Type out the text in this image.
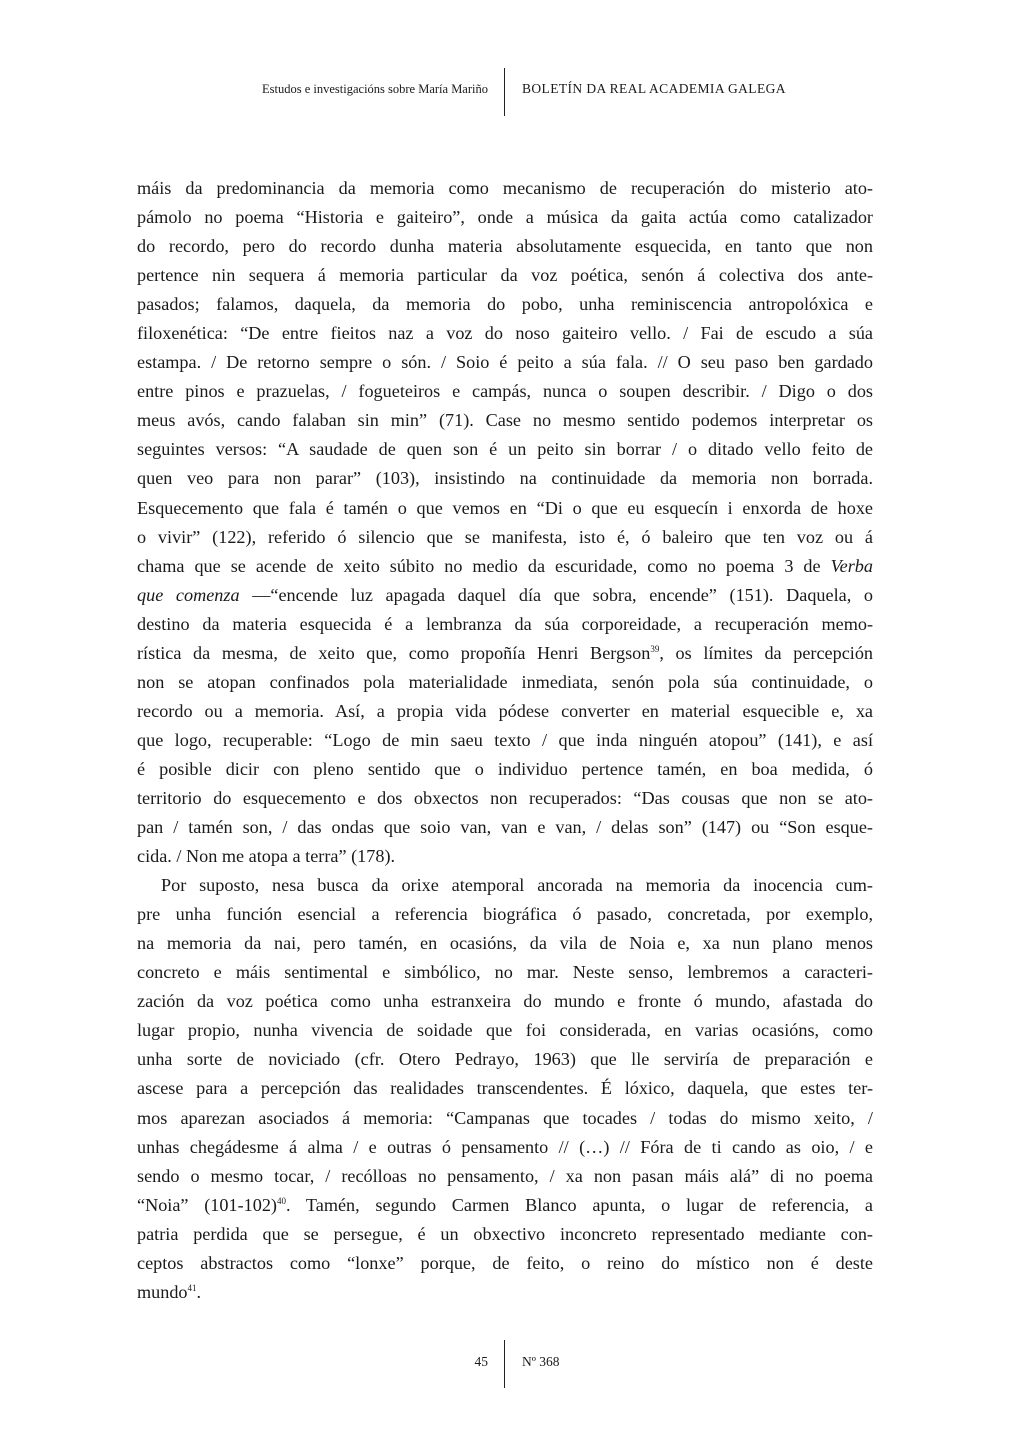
Estudos e investigacións sobre María Mariño	BOLETÍN DA REAL ACADEMIA GALEGA

máis da predominancia da memoria como mecanismo de recuperación do misterio ato-
pámolo no poema “Historia e gaiteiro”, onde a música da gaita actúa como catalizador
do recordo, pero do recordo dunha materia absolutamente esquecida, en tanto que non
pertence nin sequera á memoria particular da voz poética, senón á colectiva dos ante-
pasados; falamos, daquela, da memoria do pobo, unha reminiscencia antropolóxica e
filoxenética: “De entre fieitos naz a voz do noso gaiteiro vello. / Fai de escudo a súa
estampa. / De retorno sempre o són. / Soio é peito a súa fala. // O seu paso ben gardado
entre pinos e prazuelas, / fogueteiros e campás, nunca o soupen describir. / Digo o dos
meus avós, cando falaban sin min” (71). Case no mesmo sentido podemos interpretar os
seguintes versos: “A saudade de quen son é un peito sin borrar / o ditado vello feito de
quen veo para non parar” (103), insistindo na continuidade da memoria non borrada.
Esquecemento que fala é tamén o que vemos en “Di o que eu esquecín i enxorda de hoxe
o vivir” (122), referido ó silencio que se manifesta, isto é, ó baleiro que ten voz ou á
chama que se acende de xeito súbito no medio da escuridade, como no poema 3 de Verba
que comenza —“encende luz apagada daquel día que sobra, encende” (151). Daquela, o
destino da materia esquecida é a lembranza da súa corporeidade, a recuperación memo-
rística da mesma, de xeito que, como propoñía Henri Bergson$^{39}$, os límites da percepción
non se atopan confinados pola materialidade inmediata, senón pola súa continuidade, o
recordo ou a memoria. Así, a propia vida pódese converter en material esquecible e, xa
que logo, recuperable: “Logo de min saeu texto / que inda ninguén atopou” (141), e así
é posible dicir con pleno sentido que o individuo pertence tamén, en boa medida, ó
territorio do esquecemento e dos obxectos non recuperados: “Das cousas que non se ato-
pan / tamén son, / das ondas que soio van, van e van, / delas son” (147) ou “Son esque-
cida. / Non me atopa a terra” (178).

Por suposto, nesa busca da orixe atemporal ancorada na memoria da inocencia cum-
pre unha función esencial a referencia biográfica ó pasado, concretada, por exemplo,
na memoria da nai, pero tamén, en ocasións, da vila de Noia e, xa nun plano menos
concreto e máis sentimental e simbólico, no mar. Neste senso, lembremos a caracteri-
zación da voz poética como unha estranxeira do mundo e fronte ó mundo, afastada do
lugar propio, nunha vivencia de soidade que foi considerada, en varias ocasións, como
unha sorte de noviciado (cfr. Otero Pedrayo, 1963) que lle serviría de preparación e
ascese para a percepción das realidades transcendentes. É lóxico, daquela, que estes ter-
mos aparezan asociados á memoria: “Campanas que tocades / todas do mismo xeito, /
unhas chegádesme á alma / e outras ó pensamento // (…) // Fóra de ti cando as oio, / e
sendo o mesmo tocar, / recólloas no pensamento, / xa non pasan máis alá” di no poema
“Noia” $(101-102)^{40}$. Tamén, segundo Carmen Blanco apunta, o lugar de referencia, a
patria perdida que se persegue, é un obxectivo inconcreto representado mediante con-
ceptos abstractos como “lonxe” porque, de feito, o reino do místico non é deste
mundo$^{41}$.

45	Nº 368
